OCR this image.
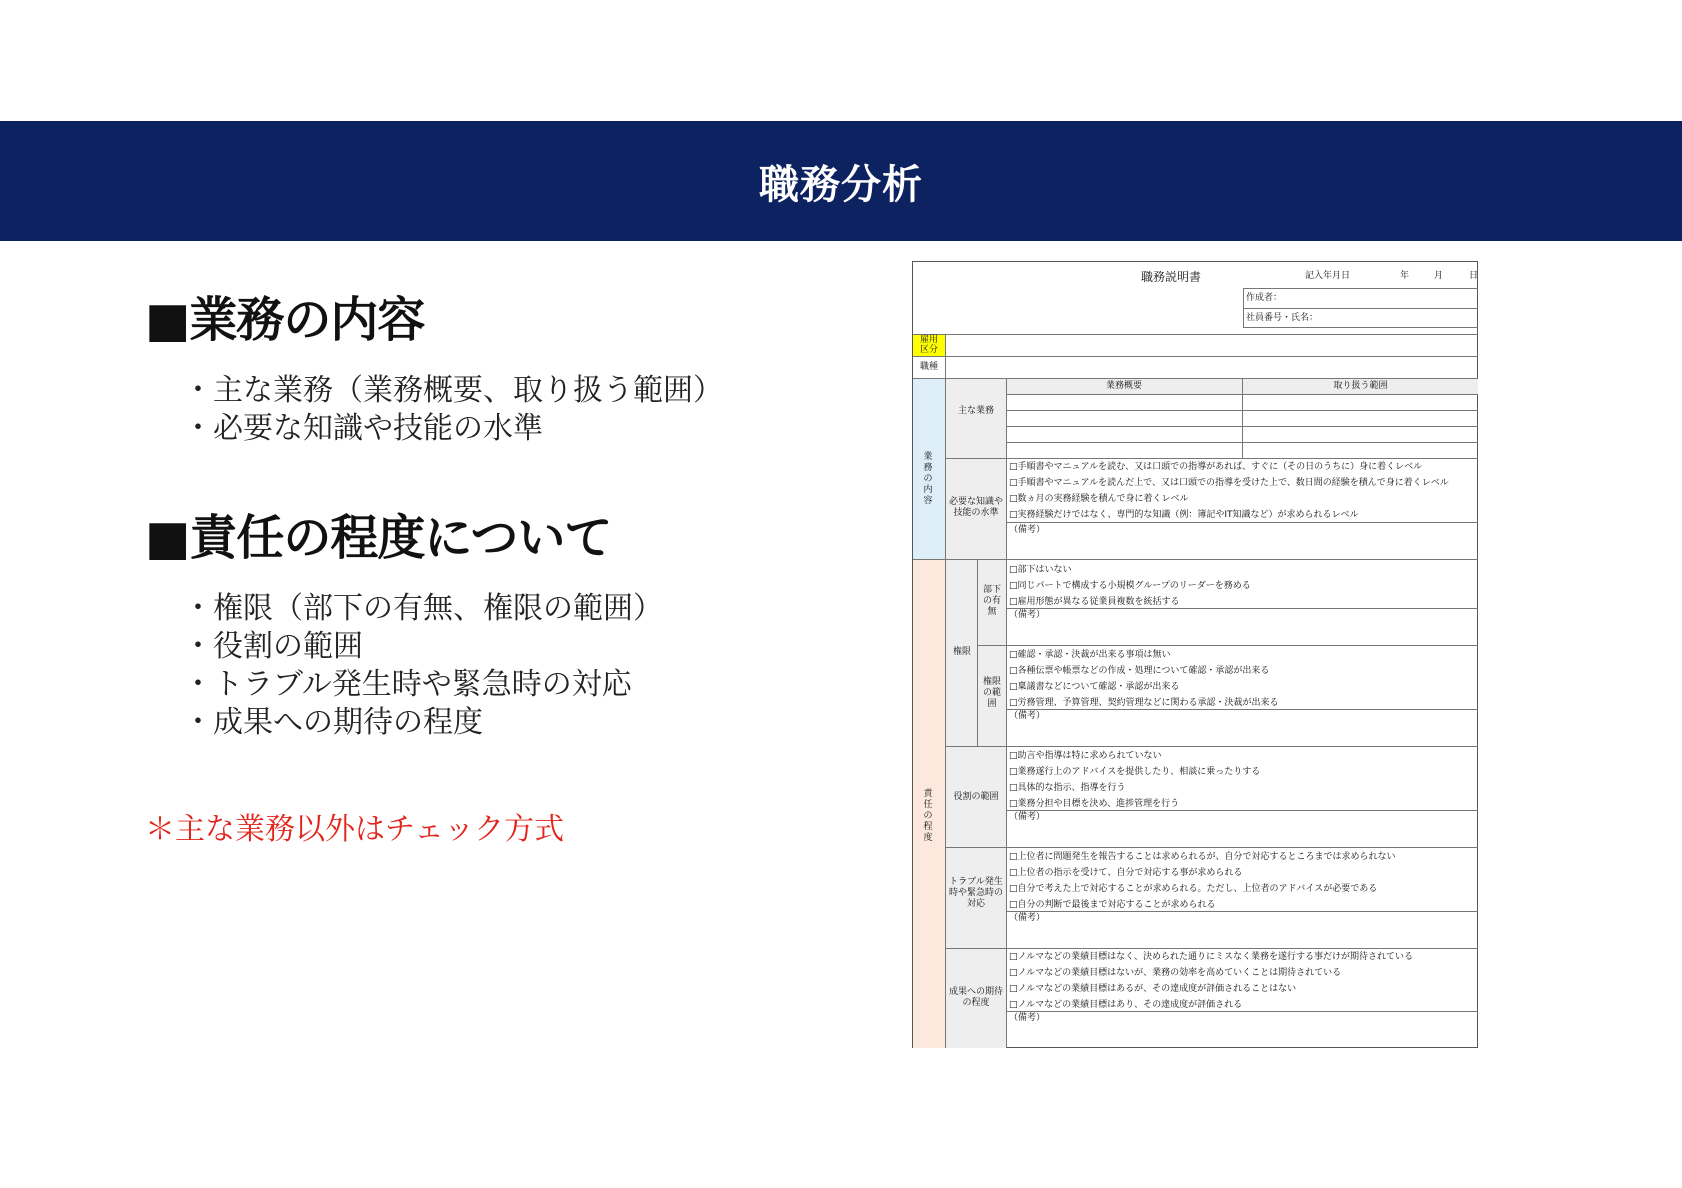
職務分析
■業務の内容
・主な業務（業務概要、取り扱う範囲）
・必要な知識や技能の水準
■責任の程度について
・権限（部下の有無、権限の範囲）
・役割の範囲
・トラブル発生時や緊急時の対応
・成果への期待の程度

＊主な業務以外はチェック方式

職務説明書	記入年月日	年	月	日
作成者：
社員番号・氏名：
雇用区分
職種
業務の内容
主な業務
業務概要	取り扱う範囲
必要な知識や技能の水準
□手順書やマニュアルを読む、又は口頭での指導があれば、すぐに（その日のうちに）身に着くレベル
□手順書やマニュアルを読んだ上で、又は口頭での指導を受けた上で、数日間の経験を積んで身に着くレベル
□数ヵ月の実務経験を積んで身に着くレベル
□実務経験だけではなく、専門的な知識（例：簿記やIT知識など）が求められるレベル
（備考）
責任の程度
権限
部下の有無
□部下はいない
□同じパートで構成する小規模グループのリーダーを務める
□雇用形態が異なる従業員複数を統括する
（備考）
権限の範囲
□確認・承認・決裁が出来る事項は無い
□各種伝票や帳票などの作成・処理について確認・承認が出来る
□稟議書などについて確認・承認が出来る
□労務管理、予算管理、契約管理などに関わる承認・決裁が出来る
（備考）
役割の範囲
□助言や指導は特に求められていない
□業務遂行上のアドバイスを提供したり、相談に乗ったりする
□具体的な指示、指導を行う
□業務分担や目標を決め、進捗管理を行う
（備考）
トラブル発生時や緊急時の対応
□上位者に問題発生を報告することは求められるが、自分で対応するところまでは求められない
□上位者の指示を受けて、自分で対応する事が求められる
□自分で考えた上で対応することが求められる。ただし、上位者のアドバイスが必要である
□自分の判断で最後まで対応することが求められる
（備考）
成果への期待の程度
□ノルマなどの業績目標はなく、決められた通りにミスなく業務を遂行する事だけが期待されている
□ノルマなどの業績目標はないが、業務の効率を高めていくことは期待されている
□ノルマなどの業績目標はあるが、その達成度が評価されることはない
□ノルマなどの業績目標はあり、その達成度が評価される
（備考）
